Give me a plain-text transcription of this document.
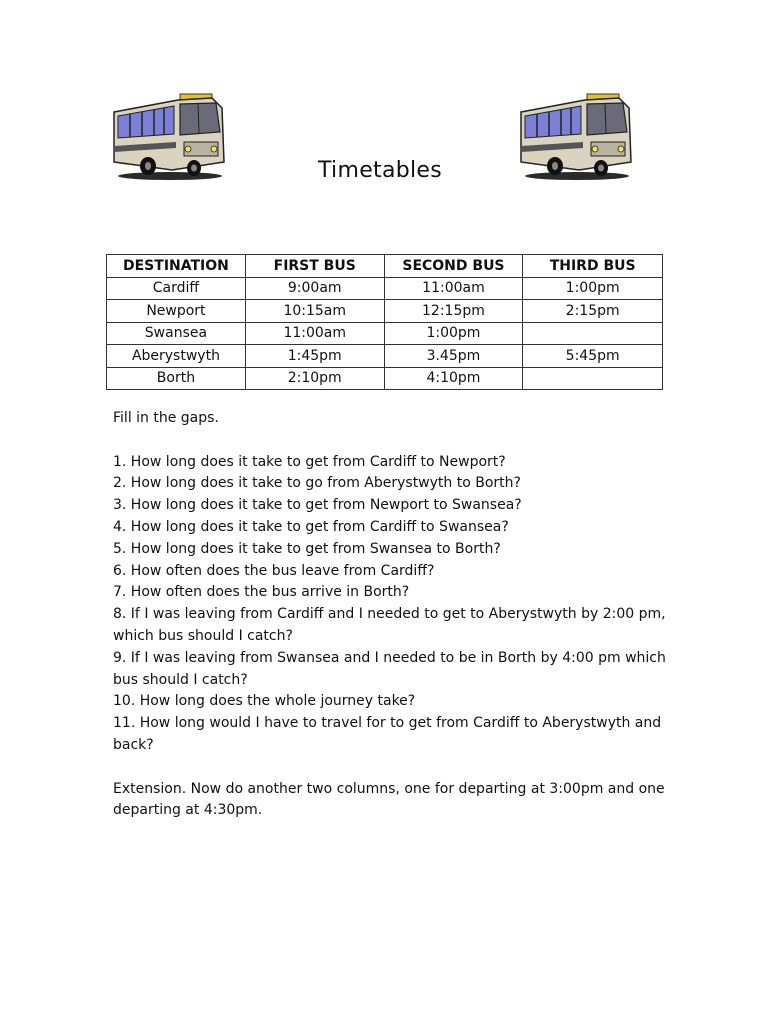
Timetables
DESTINATION	FIRST BUS	SECOND BUS	THIRD BUS
Cardiff	9:00am	11:00am	1:00pm
Newport	10:15am	12:15pm	2:15pm
Swansea	11:00am	1:00pm	
Aberystwyth	1:45pm	3.45pm	5:45pm
Borth	2:10pm	4:10pm	

Fill in the gaps.

1. How long does it take to get from Cardiff to Newport?

2. How long does it take to go from Aberystwyth to Borth?

3. How long does it take to get from Newport to Swansea?

4. How long does it take to get from Cardiff to Swansea?

5. How long does it take to get from Swansea to Borth?

6. How often does the bus leave from Cardiff?

7. How often does the bus arrive in Borth?

8. If I was leaving from Cardiff and I needed to get to Aberystwyth by 2:00 pm, which bus should I catch?

9. If I was leaving from Swansea and I needed to be in Borth by 4:00 pm which bus should I catch?

10. How long does the whole journey take?

11. How long would I have to travel for to get from Cardiff to Aberystwyth and back?

Extension. Now do another two columns, one for departing at 3:00pm and one departing at 4:30pm.
